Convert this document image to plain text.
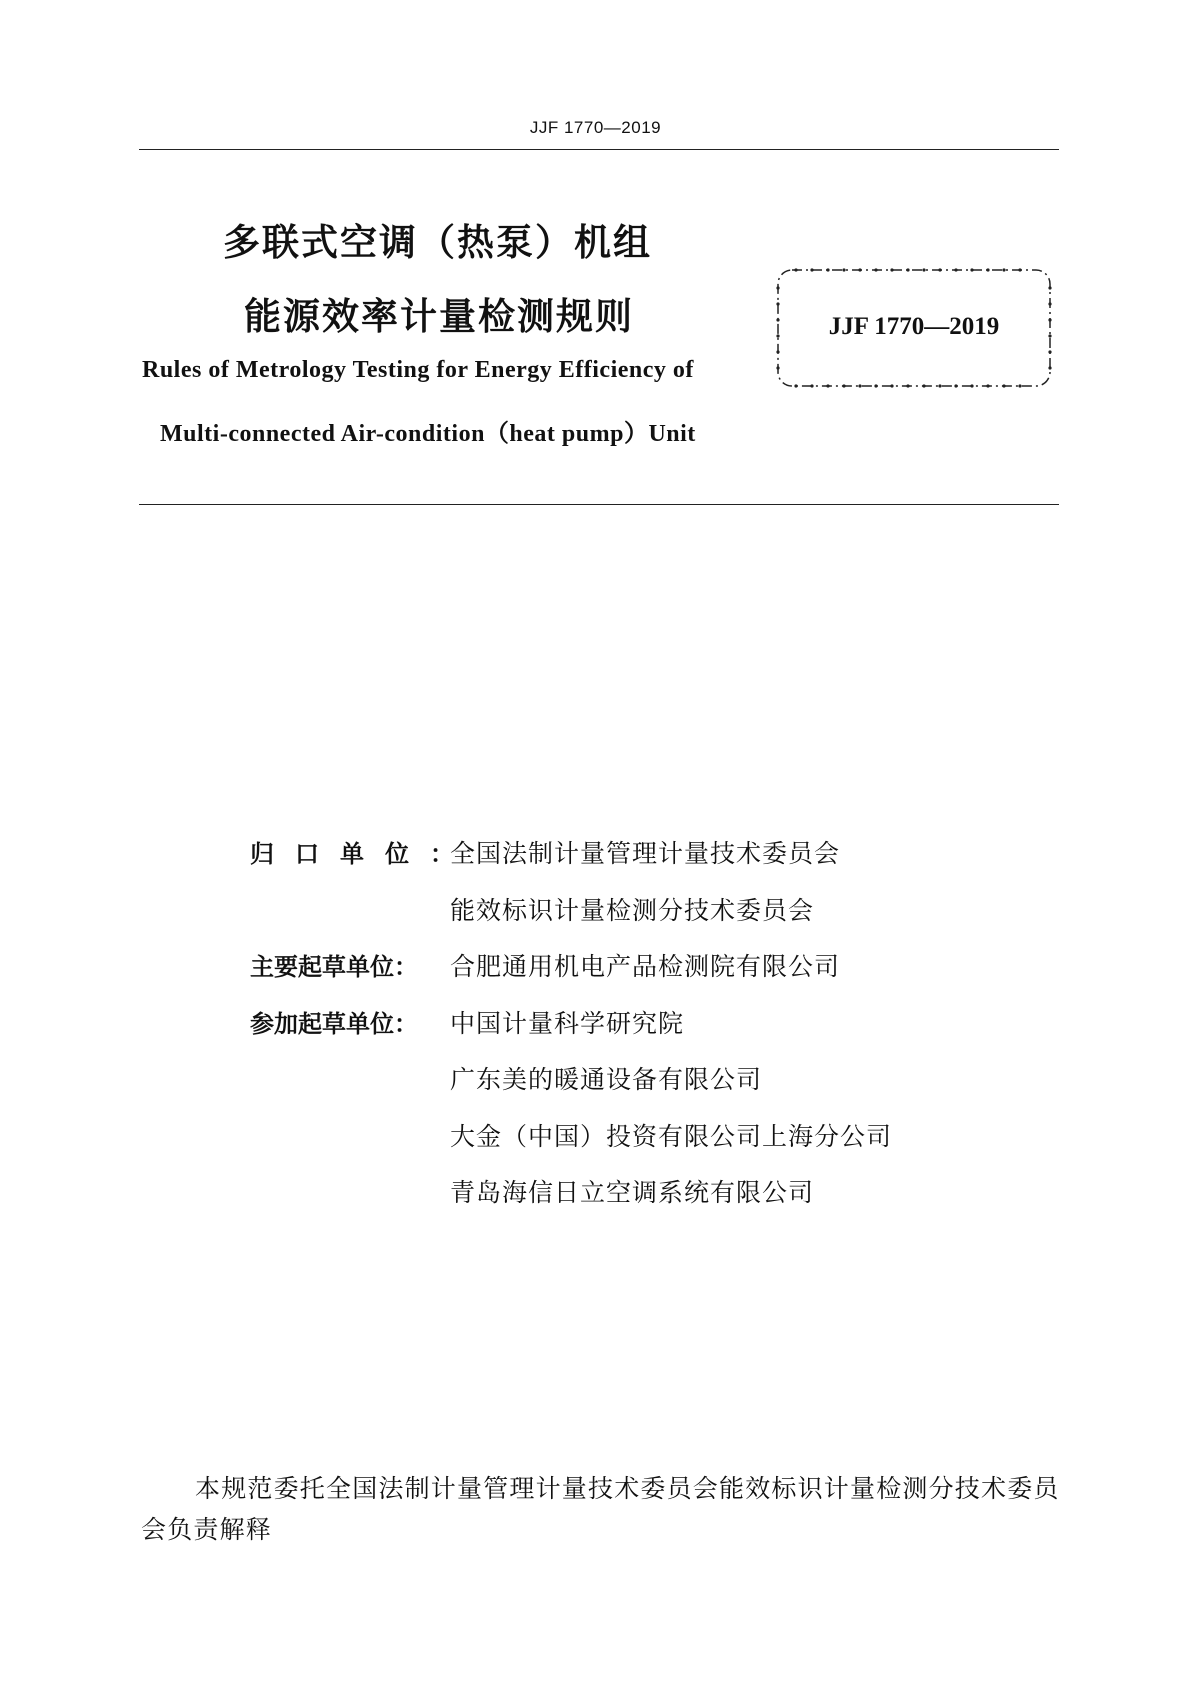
JJF 1770—2019
多联式空调（热泵）机组
能源效率计量检测规则
Rules of Metrology Testing for Energy Efficiency of
Multi-connected Air-condition（heat pump）Unit
JJF 1770—2019
归口单位：
全国法制计量管理计量技术委员会
能效标识计量检测分技术委员会
主要起草单位：	合肥通用机电产品检测院有限公司
参加起草单位：	中国计量科学研究院
广东美的暖通设备有限公司
大金（中国）投资有限公司上海分公司
青岛海信日立空调系统有限公司
本规范委托全国法制计量管理计量技术委员会能效标识计量检测分技术委员会负责解释
